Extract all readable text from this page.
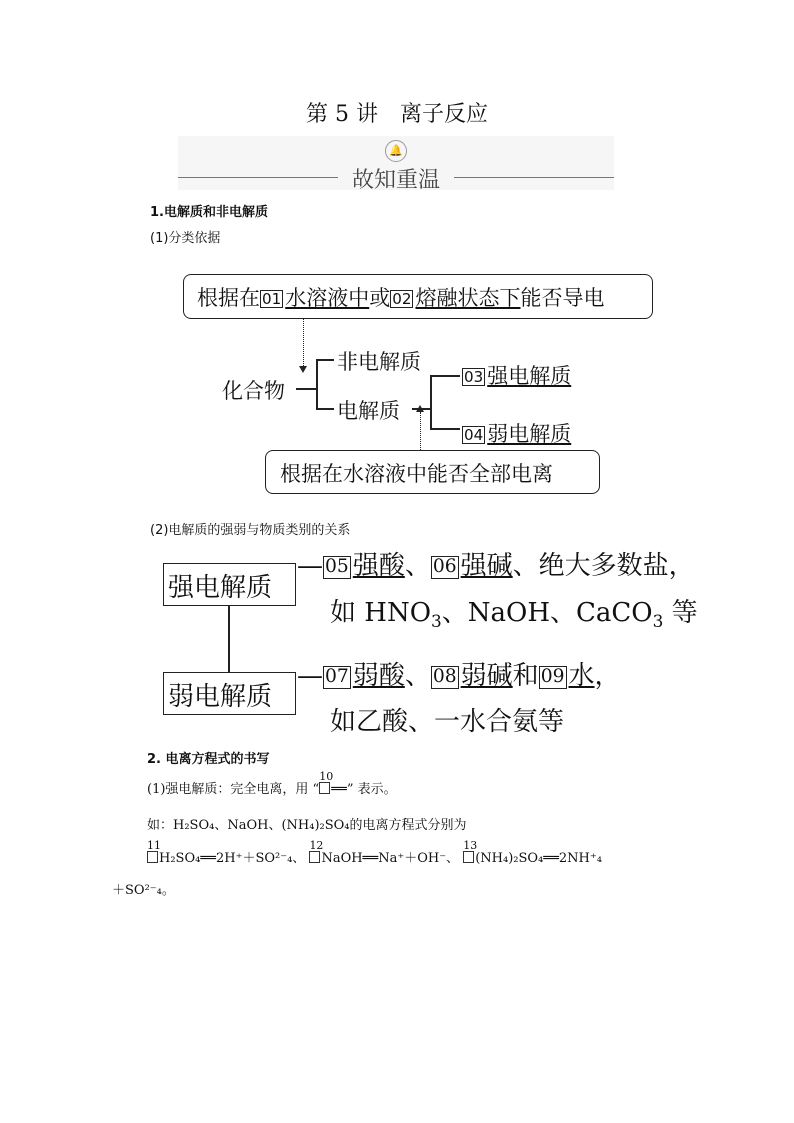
第 5 讲　离子反应
🔔
故知重温
1.电解质和非电解质
(1)分类依据
根据在 01 水溶液中或 02 熔融状态下能否导电
化合物
非电解质
电解质
03 强电解质
04 弱电解质
根据在水溶液中能否全部电离
(2)电解质的强弱与物质类别的关系
强电解质
弱电解质
— 05 强酸、 06 强碱、绝大多数盐，
如 $HNO_3$、NaOH、CaCO$_3$ 等
— 07 弱酸、 08 弱碱和 09 水，
如乙酸、一水合氨等
2. 电离方程式的书写
(1)强电解质：完全电离，用 “
10
══” 表示。
如：H₂SO₄、NaOH、(NH₄)₂SO₄的电离方程式分别为
11
H₂SO₄══2H⁺＋SO²⁻₄、
12
NaOH══Na⁺＋OH⁻、
13
(NH₄)₂SO₄══2NH⁺₄
＋SO²⁻₄。
